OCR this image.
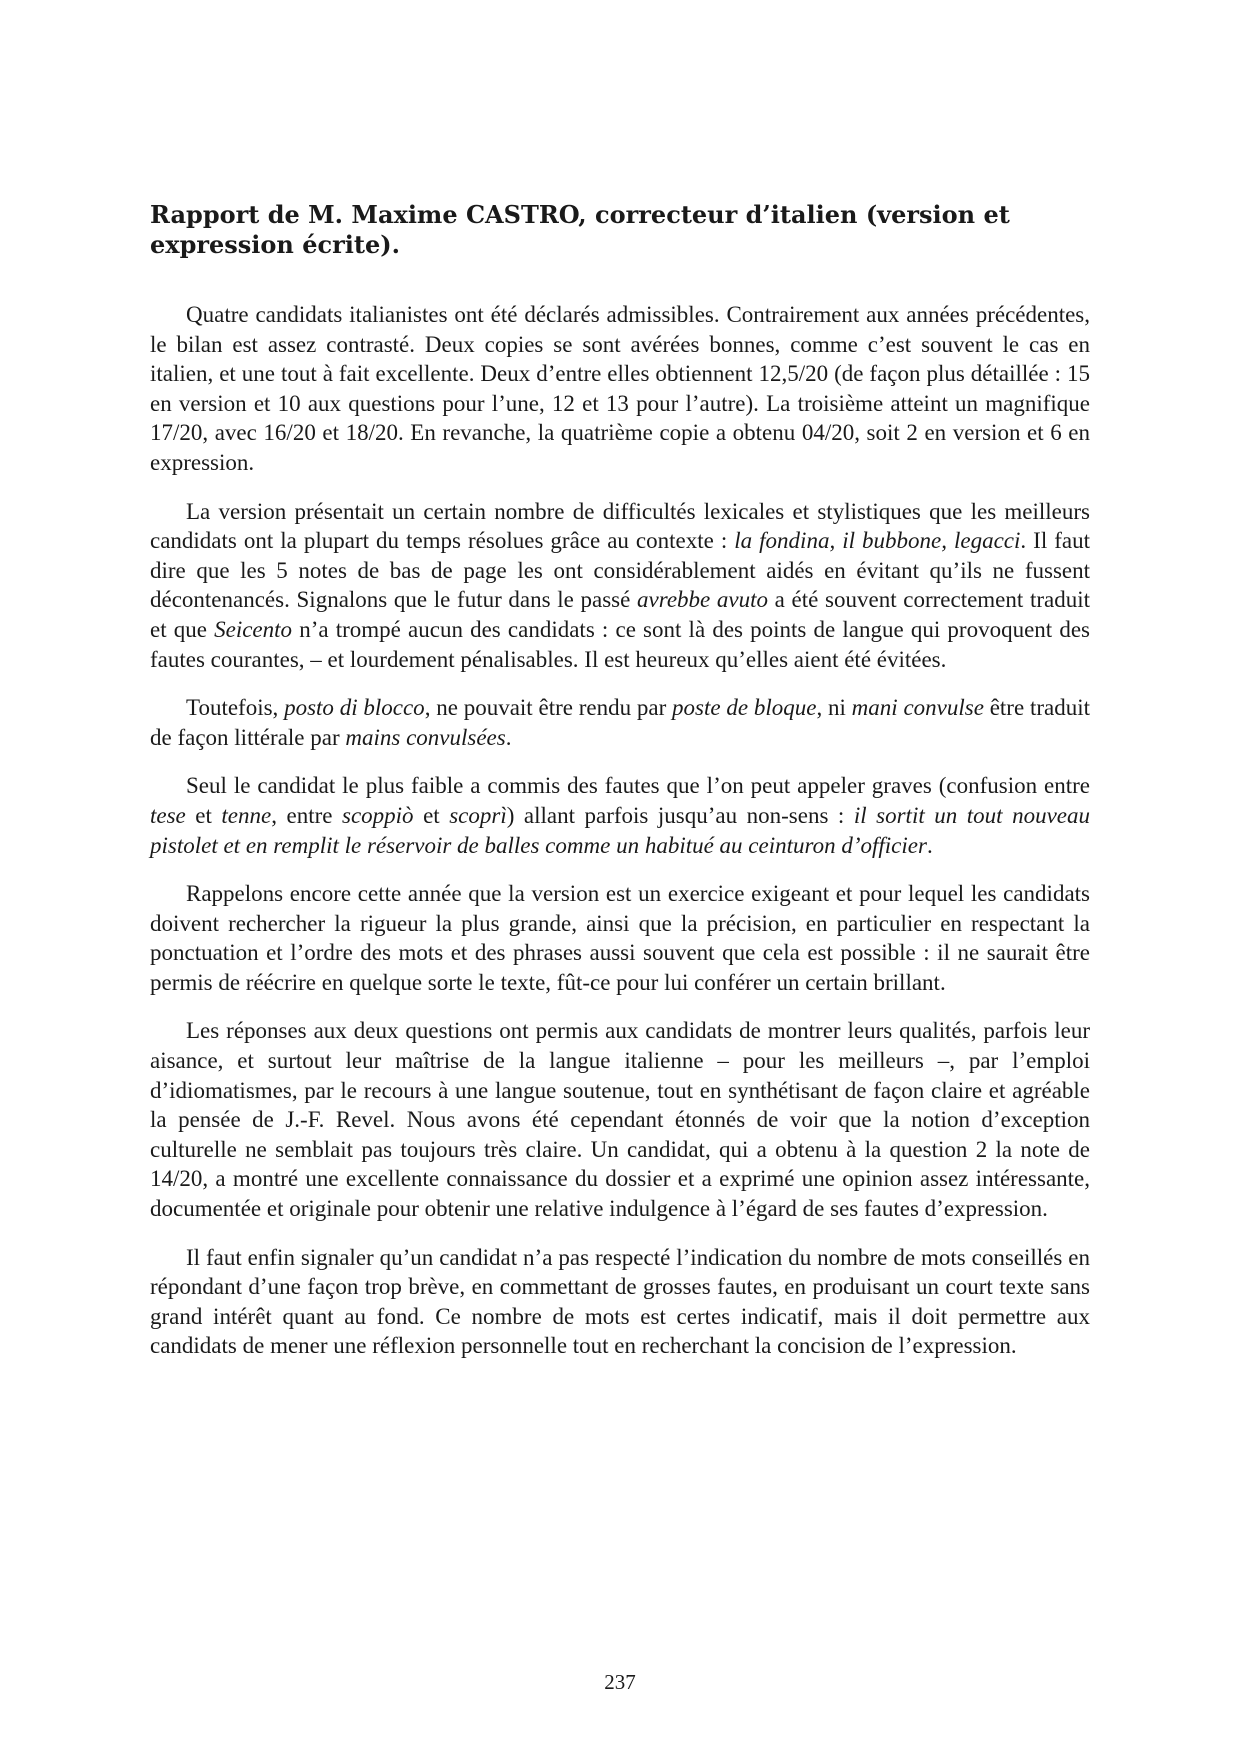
Rapport de M. Maxime CASTRO, correcteur d’italien (version et expression écrite).

Quatre candidats italianistes ont été déclarés admissibles. Contrairement aux années précédentes, le bilan est assez contrasté. Deux copies se sont avérées bonnes, comme c’est souvent le cas en italien, et une tout à fait excellente. Deux d’entre elles obtiennent 12,5/20 (de façon plus détaillée : 15 en version et 10 aux questions pour l’une, 12 et 13 pour l’autre). La troisième atteint un magnifique 17/20, avec 16/20 et 18/20. En revanche, la quatrième copie a obtenu 04/20, soit 2 en version et 6 en expression.

La version présentait un certain nombre de difficultés lexicales et stylistiques que les meilleurs candidats ont la plupart du temps résolues grâce au contexte : la fondina, il bubbone, legacci. Il faut dire que les 5 notes de bas de page les ont considérablement aidés en évitant qu’ils ne fussent décontenancés. Signalons que le futur dans le passé avrebbe avuto a été souvent correctement traduit et que Seicento n’a trompé aucun des candidats : ce sont là des points de langue qui provoquent des fautes courantes, – et lourdement pénalisables. Il est heureux qu’elles aient été évitées.

Toutefois, posto di blocco, ne pouvait être rendu par poste de bloque, ni mani convulse être traduit de façon littérale par mains convulsées.

Seul le candidat le plus faible a commis des fautes que l’on peut appeler graves (confusion entre tese et tenne, entre scoppiò et scoprì) allant parfois jusqu’au non-sens : il sortit un tout nouveau pistolet et en remplit le réservoir de balles comme un habitué au ceinturon d’officier.

Rappelons encore cette année que la version est un exercice exigeant et pour lequel les candidats doivent rechercher la rigueur la plus grande, ainsi que la précision, en particulier en respectant la ponctuation et l’ordre des mots et des phrases aussi souvent que cela est possible : il ne saurait être permis de réécrire en quelque sorte le texte, fût-ce pour lui conférer un certain brillant.

Les réponses aux deux questions ont permis aux candidats de montrer leurs qualités, parfois leur aisance, et surtout leur maîtrise de la langue italienne – pour les meilleurs –, par l’emploi d’idiomatismes, par le recours à une langue soutenue, tout en synthétisant de façon claire et agréable la pensée de J.-F. Revel. Nous avons été cependant étonnés de voir que la notion d’exception culturelle ne semblait pas toujours très claire. Un candidat, qui a obtenu à la question 2 la note de 14/20, a montré une excellente connaissance du dossier et a exprimé une opinion assez intéressante, documentée et originale pour obtenir une relative indulgence à l’égard de ses fautes d’expression.

Il faut enfin signaler qu’un candidat n’a pas respecté l’indication du nombre de mots conseillés en répondant d’une façon trop brève, en commettant de grosses fautes, en produisant un court texte sans grand intérêt quant au fond. Ce nombre de mots est certes indicatif, mais il doit permettre aux candidats de mener une réflexion personnelle tout en recherchant la concision de l’expression.

237
